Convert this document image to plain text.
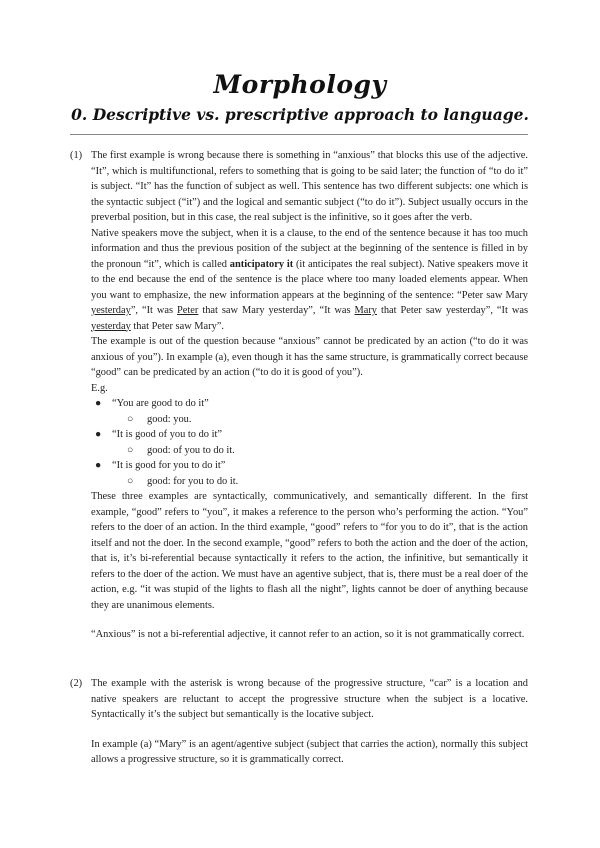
Morphology
0. Descriptive vs. prescriptive approach to language.
(1) The first example is wrong because there is something in “anxious” that blocks this use of the adjective. “It”, which is multifunctional, refers to something that is going to be said later; the function of “to do it” is subject. “It” has the function of subject as well. This sentence has two different subjects: one which is the syntactic subject (“it”) and the logical and semantic subject (“to do it”). Subject usually occurs in the preverbal position, but in this case, the real subject is the infinitive, so it goes after the verb.

Native speakers move the subject, when it is a clause, to the end of the sentence because it has too much information and thus the previous position of the subject at the beginning of the sentence is filled in by the pronoun “it”, which is called anticipatory it (it anticipates the real subject). Native speakers move it to the end because the end of the sentence is the place where too many loaded elements appear. When you want to emphasize, the new information appears at the beginning of the sentence: “Peter saw Mary yesterday”, “It was Peter that saw Mary yesterday”, “It was Mary that Peter saw yesterday”, “It was yesterday that Peter saw Mary”.

The example is out of the question because “anxious” cannot be predicated by an action (“to do it was anxious of you”). In example (a), even though it has the same structure, is grammatically correct because “good” can be predicated by an action (“to do it is good of you”).

E.g.

● “You are good to do it”
○ good: you.
● “It is good of you to do it”
○ good: of you to do it.
● “It is good for you to do it”
○ good: for you to do it.

These three examples are syntactically, communicatively, and semantically different. In the first example, “good” refers to “you”, it makes a reference to the person who’s performing the action. “You” refers to the doer of an action. In the third example, “good” refers to “for you to do it”, that is the action itself and not the doer. In the second example, “good” refers to both the action and the doer of the action, that is, it’s bi-referential because syntactically it refers to the action, the infinitive, but semantically it refers to the doer of the action. We must have an agentive subject, that is, there must be a real doer of the action, e.g. “it was stupid of the lights to flash all the night”, lights cannot be doer of anything because they are unanimous elements.

“Anxious” is not a bi-referential adjective, it cannot refer to an action, so it is not grammatically correct.

(2) The example with the asterisk is wrong because of the progressive structure, “car” is a location and native speakers are reluctant to accept the progressive structure when the subject is a locative. Syntactically it’s the subject but semantically is the locative subject.

In example (a) “Mary” is an agent/agentive subject (subject that carries the action), normally this subject allows a progressive structure, so it is grammatically correct.
